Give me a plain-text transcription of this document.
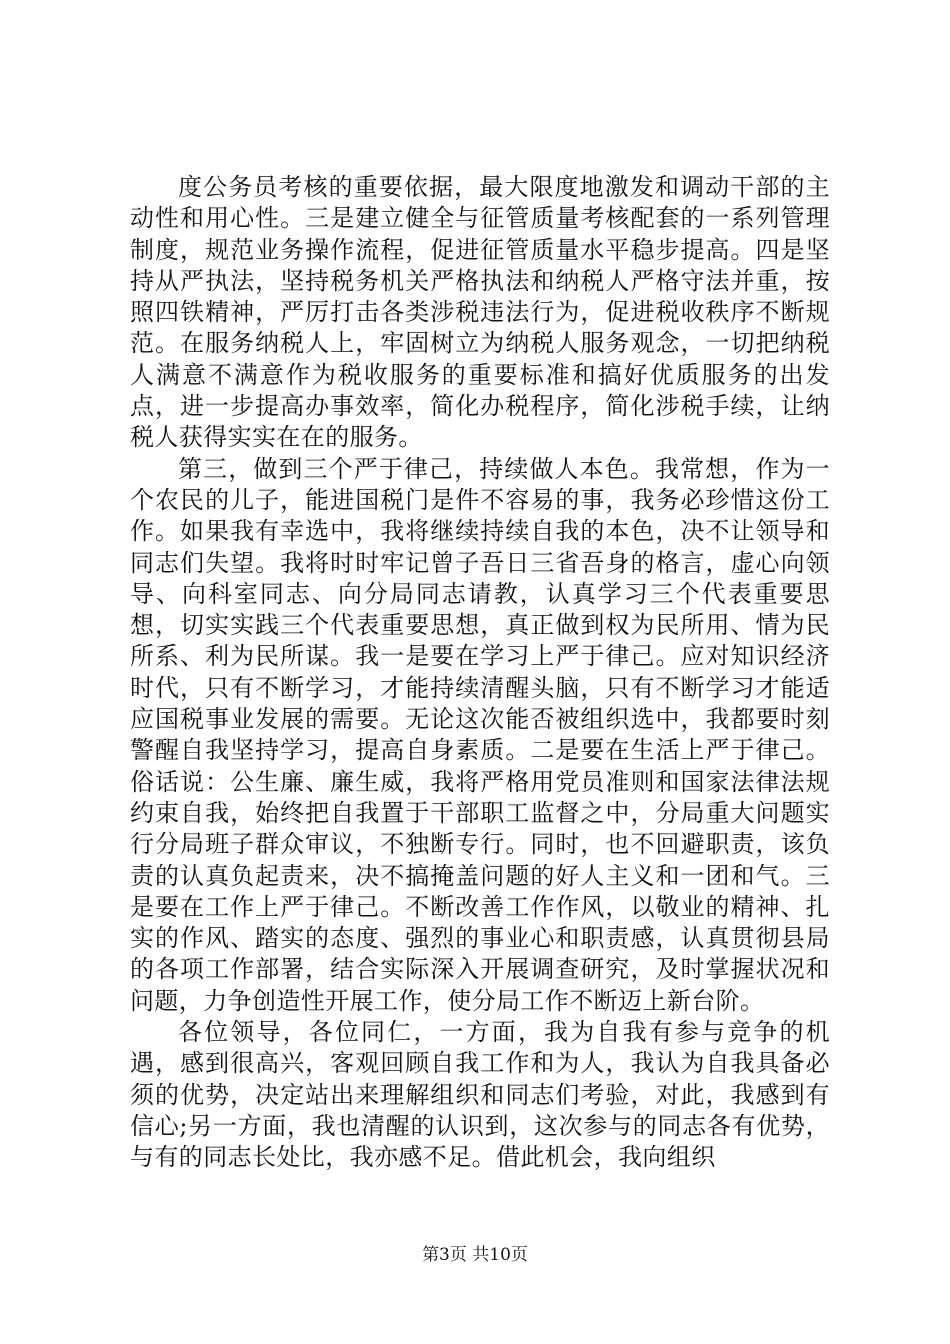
度公务员考核的重要依据，最大限度地激发和调动干部的主动性和用心性。三是建立健全与征管质量考核配套的一系列管理制度，规范业务操作流程，促进征管质量水平稳步提高。四是坚持从严执法，坚持税务机关严格执法和纳税人严格守法并重，按照四铁精神，严厉打击各类涉税违法行为，促进税收秩序不断规范。在服务纳税人上，牢固树立为纳税人服务观念，一切把纳税人满意不满意作为税收服务的重要标准和搞好优质服务的出发点，进一步提高办事效率，简化办税程序，简化涉税手续，让纳税人获得实实在在的服务。

第三，做到三个严于律己，持续做人本色。我常想，作为一个农民的儿子，能进国税门是件不容易的事，我务必珍惜这份工作。如果我有幸选中，我将继续持续自我的本色，决不让领导和同志们失望。我将时时牢记曾子吾日三省吾身的格言，虚心向领导、向科室同志、向分局同志请教，认真学习三个代表重要思想，切实实践三个代表重要思想，真正做到权为民所用、情为民所系、利为民所谋。我一是要在学习上严于律己。应对知识经济时代，只有不断学习，才能持续清醒头脑，只有不断学习才能适应国税事业发展的需要。无论这次能否被组织选中，我都要时刻警醒自我坚持学习，提高自身素质。二是要在生活上严于律己。俗话说：公生廉、廉生威，我将严格用党员准则和国家法律法规约束自我，始终把自我置于干部职工监督之中，分局重大问题实行分局班子群众审议，不独断专行。同时，也不回避职责，该负责的认真负起责来，决不搞掩盖问题的好人主义和一团和气。三是要在工作上严于律己。不断改善工作作风，以敬业的精神、扎实的作风、踏实的态度、强烈的事业心和职责感，认真贯彻县局的各项工作部署，结合实际深入开展调查研究，及时掌握状况和问题，力争创造性开展工作，使分局工作不断迈上新台阶。

各位领导，各位同仁，一方面，我为自我有参与竞争的机遇，感到很高兴，客观回顾自我工作和为人，我认为自我具备必须的优势，决定站出来理解组织和同志们考验，对此，我感到有信心;另一方面，我也清醒的认识到，这次参与的同志各有优势，与有的同志长处比，我亦感不足。借此机会，我向组织

第3页 共10页
